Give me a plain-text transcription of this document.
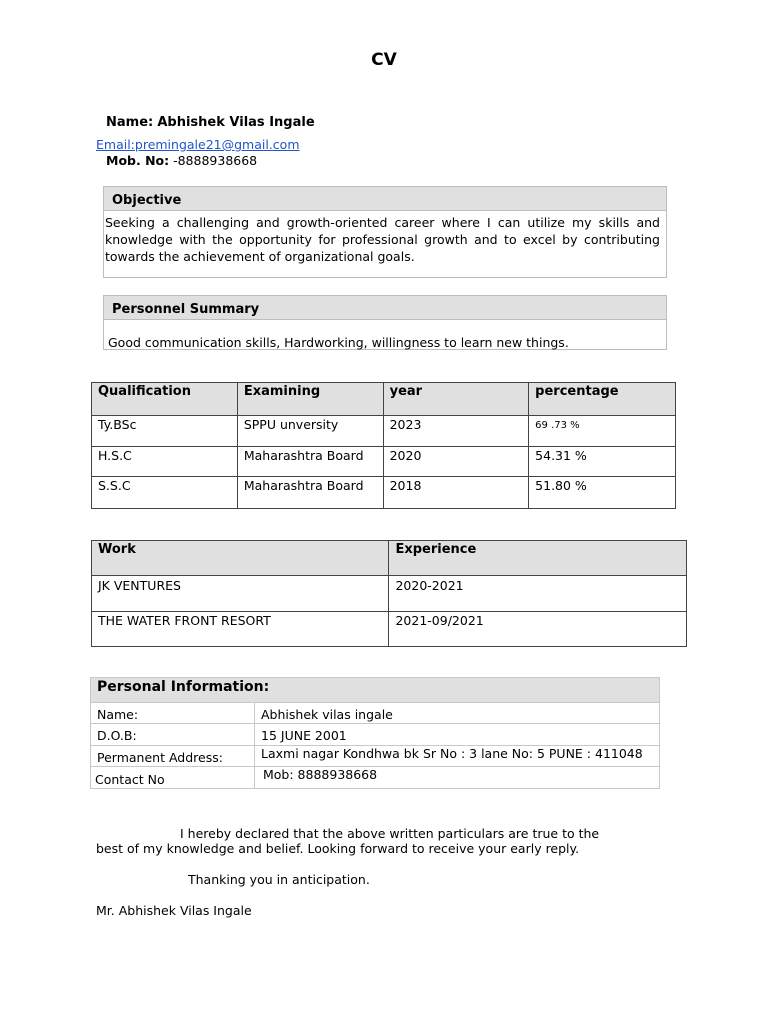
CV
Name: Abhishek Vilas Ingale
Email:premingale21@gmail.com
Mob. No: -8888938668
Objective
Seeking a challenging and growth-oriented career where I can utilize my skills and knowledge with the opportunity for professional growth and to excel by contributing towards the achievement of organizational goals.
Personnel Summary
Good communication skills, Hardworking, willingness to learn new things.
Qualification	Examining	year	percentage
Ty.BSc	SPPU unversity	2023	69 .73 %
H.S.C	Maharashtra Board	2020	54.31 %
S.S.C	Maharashtra Board	2018	51.80 %
Work	Experience
JK VENTURES	2020-2021
THE WATER FRONT RESORT	2021-09/2021
Personal Information:	
Name:	Abhishek vilas ingale
D.O.B:	15 JUNE 2001
Permanent Address:	Laxmi nagar Kondhwa bk Sr No : 3 lane No: 5 PUNE : 411048
Contact No	Mob: 8888938668
I hereby declared that the above written particulars are true to the
best of my knowledge and belief. Looking forward to receive your early reply.
Thanking you in anticipation.
Mr. Abhishek Vilas Ingale
